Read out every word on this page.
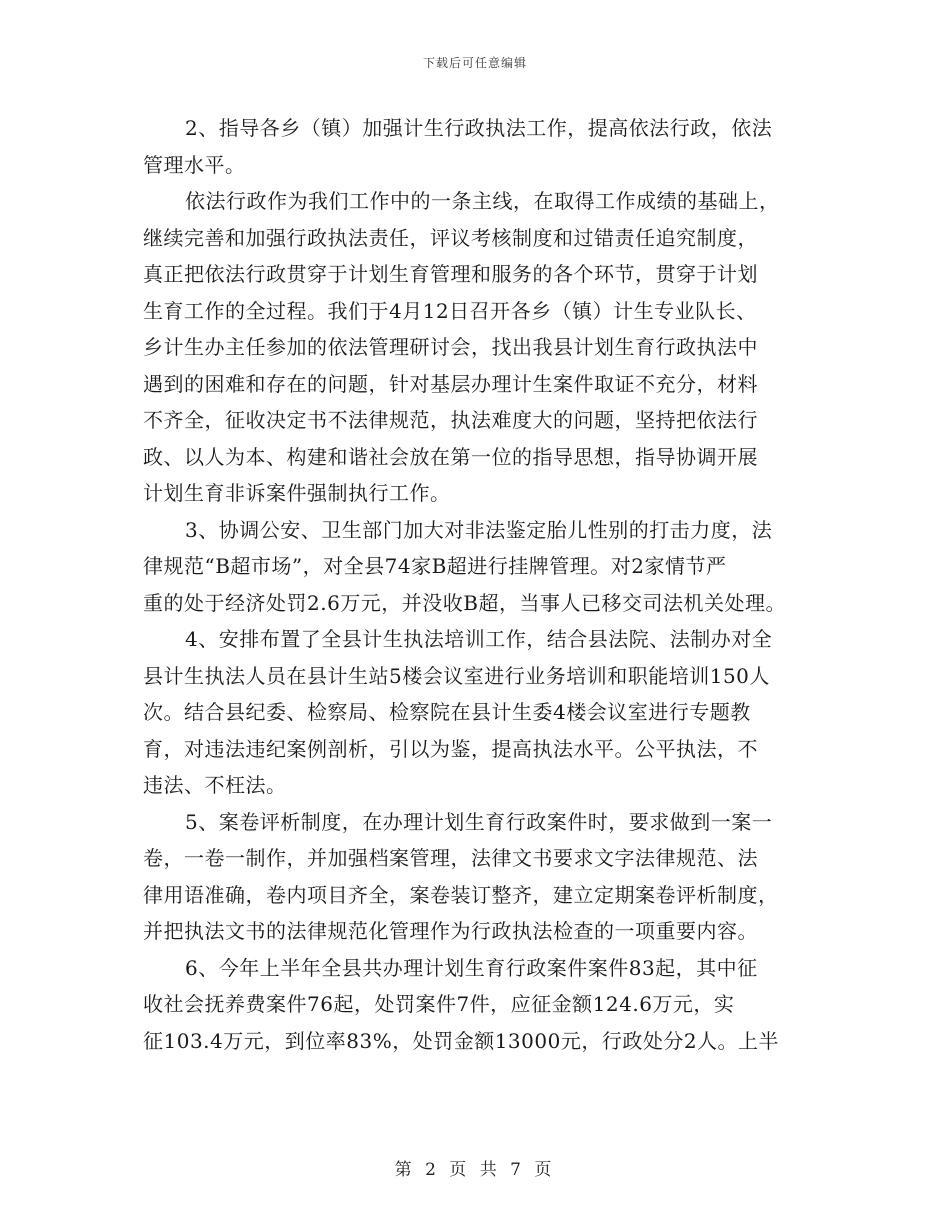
下载后可任意编辑
2、指导各乡（镇）加强计生行政执法工作，提高依法行政，依法
管理水平。
依法行政作为我们工作中的一条主线，在取得工作成绩的基础上，
继续完善和加强行政执法责任，评议考核制度和过错责任追究制度，
真正把依法行政贯穿于计划生育管理和服务的各个环节，贯穿于计划
生育工作的全过程。我们于4月12日召开各乡（镇）计生专业队长、
乡计生办主任参加的依法管理研讨会，找出我县计划生育行政执法中
遇到的困难和存在的问题，针对基层办理计生案件取证不充分，材料
不齐全，征收决定书不法律规范，执法难度大的问题，坚持把依法行
政、以人为本、构建和谐社会放在第一位的指导思想，指导协调开展
计划生育非诉案件强制执行工作。
3、协调公安、卫生部门加大对非法鉴定胎儿性别的打击力度，法
律规范“B超市场”，对全县74家B超进行挂牌管理。对2家情节严
重的处于经济处罚2.6万元，并没收B超，当事人已移交司法机关处理。
4、安排布置了全县计生执法培训工作，结合县法院、法制办对全
县计生执法人员在县计生站5楼会议室进行业务培训和职能培训150人
次。结合县纪委、检察局、检察院在县计生委4楼会议室进行专题教
育，对违法违纪案例剖析，引以为鉴，提高执法水平。公平执法，不
违法、不枉法。
5、案卷评析制度，在办理计划生育行政案件时，要求做到一案一
卷，一卷一制作，并加强档案管理，法律文书要求文字法律规范、法
律用语准确，卷内项目齐全，案卷装订整齐，建立定期案卷评析制度，
并把执法文书的法律规范化管理作为行政执法检查的一项重要内容。
6、今年上半年全县共办理计划生育行政案件案件83起，其中征
收社会抚养费案件76起，处罚案件7件，应征金额124.6万元，实
征103.4万元，到位率83%，处罚金额13000元，行政处分2人。上半
第 2 页 共 7 页
